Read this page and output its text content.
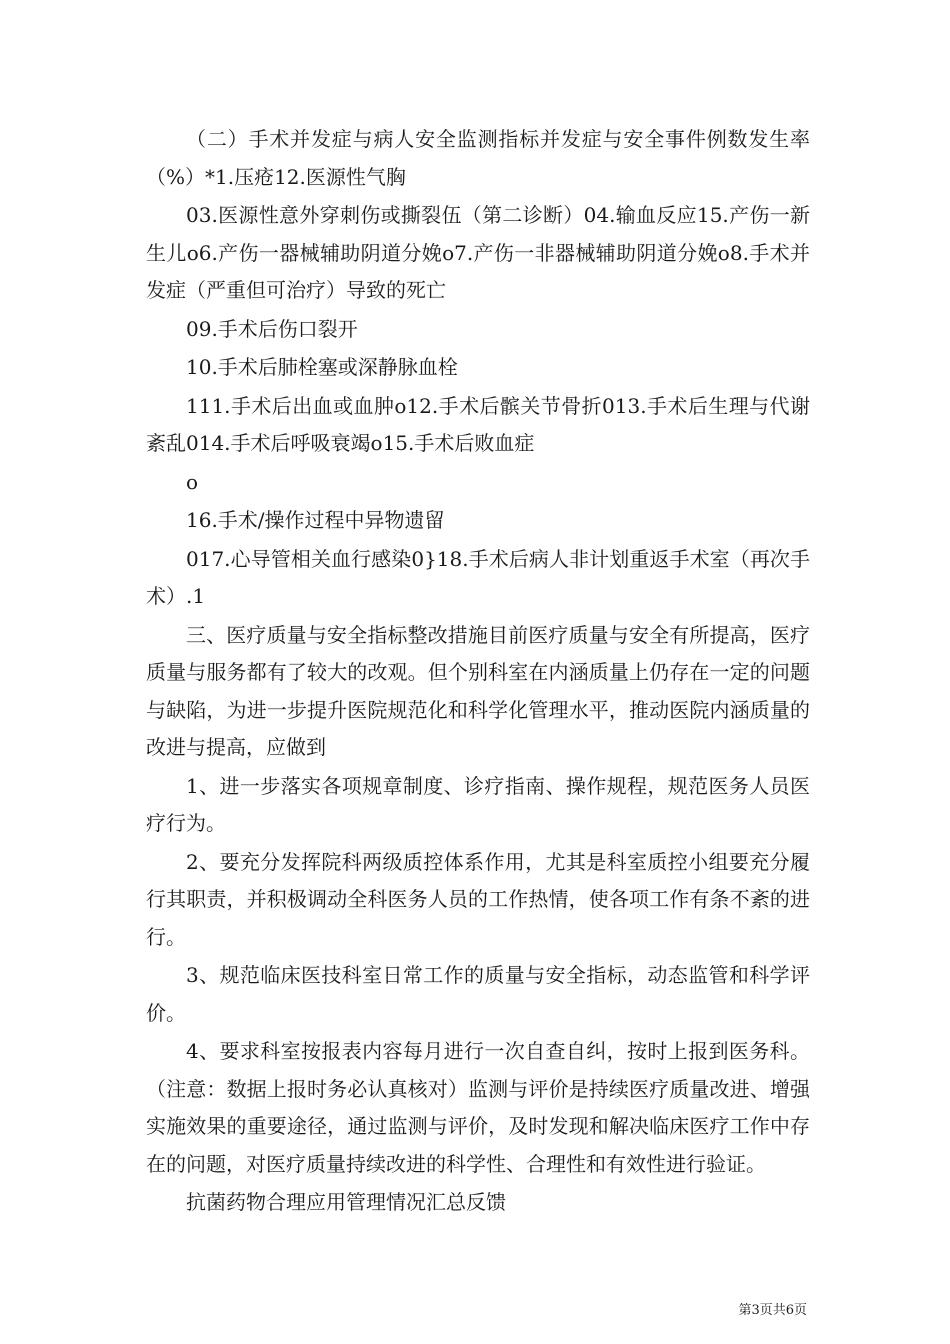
（二）手术并发症与病人安全监测指标并发症与安全事件例数发生率（%）*1.压疮12.医源性气胸

03.医源性意外穿刺伤或撕裂伍（第二诊断）04.输血反应15.产伤一新生儿o6.产伤一器械辅助阴道分娩o7.产伤一非器械辅助阴道分娩o8.手术并发症（严重但可治疗）导致的死亡

09.手术后伤口裂开

10.手术后肺栓塞或深静脉血栓

111.手术后出血或血肿o12.手术后髌关节骨折013.手术后生理与代谢紊乱014.手术后呼吸衰竭o15.手术后败血症

o

16.手术/操作过程中异物遗留

017.心导管相关血行感染0}18.手术后病人非计划重返手术室（再次手术）.1

三、医疗质量与安全指标整改措施目前医疗质量与安全有所提高，医疗质量与服务都有了较大的改观。但个别科室在内涵质量上仍存在一定的问题与缺陷，为进一步提升医院规范化和科学化管理水平，推动医院内涵质量的改进与提高，应做到

1、进一步落实各项规章制度、诊疗指南、操作规程，规范医务人员医疗行为。

2、要充分发挥院科两级质控体系作用，尤其是科室质控小组要充分履行其职责，并积极调动全科医务人员的工作热情，使各项工作有条不紊的进行。

3、规范临床医技科室日常工作的质量与安全指标，动态监管和科学评价。

4、要求科室按报表内容每月进行一次自查自纠，按时上报到医务科。（注意：数据上报时务必认真核对）监测与评价是持续医疗质量改进、增强实施效果的重要途径，通过监测与评价，及时发现和解决临床医疗工作中存在的问题，对医疗质量持续改进的科学性、合理性和有效性进行验证。

抗菌药物合理应用管理情况汇总反馈

第3页共6页
